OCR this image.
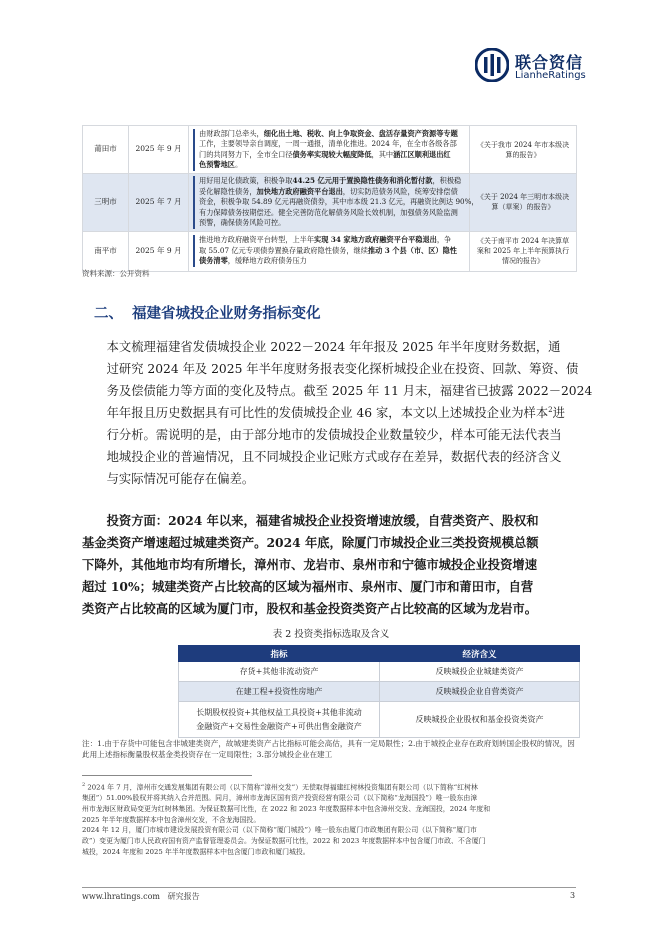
联合资信
LianheRatings
莆田市	2025 年 9 月	由财政部门总牵头，细化出土地、税收、向上争取资金、盘活存量资产资源等专题
工作，主要领导亲自调度，一周一通报，清单化推进。2024 年，在全市各级各部
门的共同努力下，全市全口径债务率实现较大幅度降低，其中涵江区顺利退出红
色预警地区。	《关于我市 2024 年市本级决算的报告》
三明市	2025 年 7 月	用好用足化债政策，积极争取44.25 亿元用于置换隐性债务和消化暂付款，积极稳
妥化解隐性债务，加快地方政府融资平台退出，切实防范债务风险，统筹安排偿债
资金，积极争取 54.89 亿元再融资债券，其中市本级 21.3 亿元，再融资比例达 90%，
有力保障债务按期偿还。健全完善防范化解债务风险长效机制，加强债务风险监测
预警，确保债务风险可控。	《关于 2024 年三明市本级决算（草案）的报告》
南平市	2025 年 9 月	推进地方政府融资平台转型，上半年实现 34 家地方政府融资平台平稳退出，争
取 55.07 亿元专项债券置换存量政府隐性债务，继续推动 3 个县（市、区）隐性
债务清零，缓释地方政府债务压力	《关于南平市 2024 年决算草案和 2025 年上半年预算执行情况的报告》
资料来源：公开资料
二、 福建省城投企业财务指标变化
本文梳理福建省发债城投企业 2022－2024 年年报及 2025 年半年度财务数据，通
过研究 2024 年及 2025 年半年度财务报表变化探析城投企业在投资、回款、筹资、债
务及偿债能力等方面的变化及特点。截至 2025 年 11 月末，福建省已披露 2022－2024
年年报且历史数据具有可比性的发债城投企业 46 家，本文以上述城投企业为样本$^2$进
行分析。需说明的是，由于部分地市的发债城投企业数量较少，样本可能无法代表当
地城投企业的普遍情况，且不同城投企业记账方式或存在差异，数据代表的经济含义
与实际情况可能存在偏差。
投资方面：2024 年以来，福建省城投企业投资增速放缓，自营类资产、股权和
基金类资产增速超过城建类资产。2024 年底，除厦门市城投企业三类投资规模总额
下降外，其他地市均有所增长，漳州市、龙岩市、泉州市和宁德市城投企业投资增速
超过 10%；城建类资产占比较高的区域为福州市、泉州市、厦门市和莆田市，自营
类资产占比较高的区域为厦门市，股权和基金投资类资产占比较高的区域为龙岩市。
表 2 投资类指标选取及含义
指标	经济含义
存货+其他非流动资产	反映城投企业城建类资产
在建工程+投资性房地产	反映城投企业自营类资产

长期股权投资+其他权益工具投资+其他非流动
金融资产+交易性金融资产+可供出售金融资产	反映城投企业股权和基金投资类资产
注：1.由于存货中可能包含非城建类资产，故城建类资产占比指标可能会高估，具有一定局限性；2.由于城投企业存在政府划转国企股权的情况，因此用上述指标衡量股权基金类投资存在一定局限性；3.部分城投企业在建工
$^2$ 2024 年 7 月，漳州市交通发展集团有限公司（以下简称“漳州交发”）无偿取得福建红树林投资集团有限公司（以下简称“红树林
集团”）51.00%股权并将其纳入合并范围。同月，漳州市龙海区国有资产投资经营有限公司（以下简称“龙海国投”）唯一股东由漳
州市龙海区财政局变更为红树林集团。为保证数据可比性，在 2022 和 2023 年度数据样本中包含漳州交发、龙海国投，2024 年度和
2025 年半年度数据样本中包含漳州交发，不含龙海国投。
2024 年 12 月，厦门市城市建设发展投资有限公司（以下简称“厦门城投”）唯一股东由厦门市政集团有限公司（以下简称“厦门市
政”）变更为厦门市人民政府国有资产监督管理委员会。为保证数据可比性，2022 和 2023 年度数据样本中包含厦门市政、不含厦门
城投，2024 年度和 2025 年半年度数据样本中包含厦门市政和厦门城投。
www.lhratings.com 研究报告	3
